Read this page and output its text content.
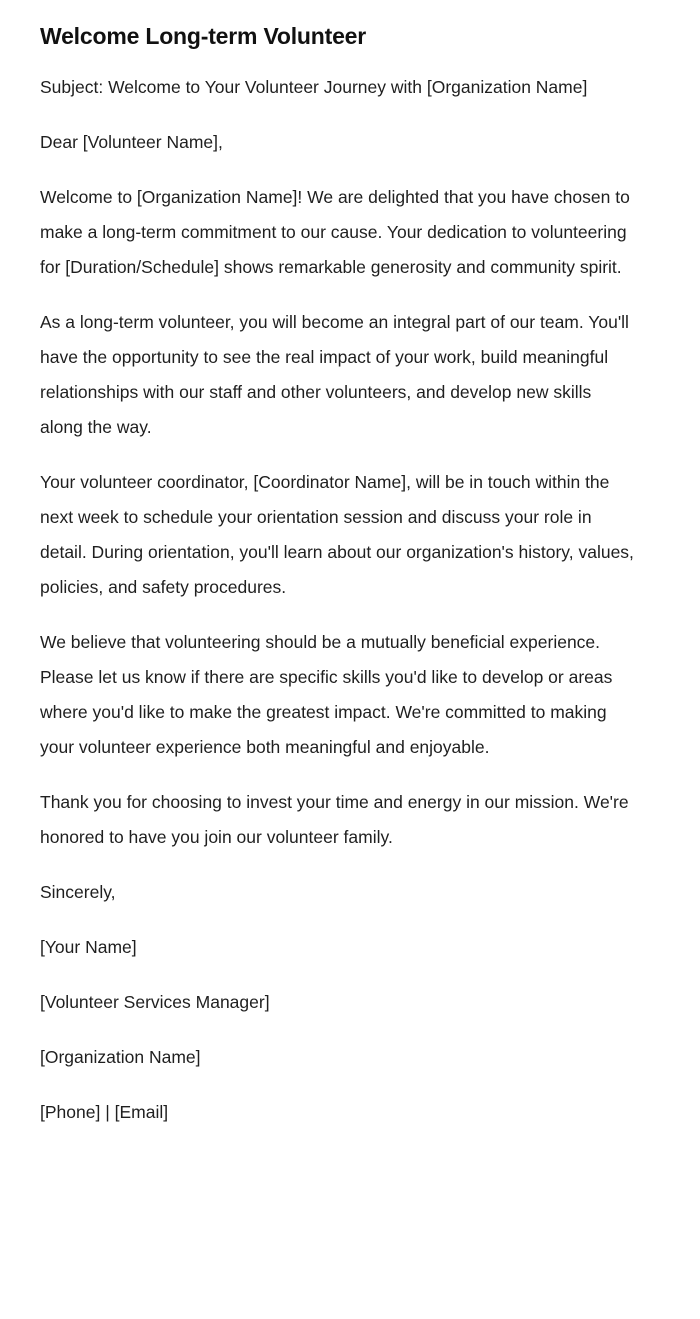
Welcome Long-term Volunteer

Subject: Welcome to Your Volunteer Journey with [Organization Name]

Dear [Volunteer Name],

Welcome to [Organization Name]! We are delighted that you have chosen to make a long-term commitment to our cause. Your dedication to volunteering for [Duration/Schedule] shows remarkable generosity and community spirit.

As a long-term volunteer, you will become an integral part of our team. You'll have the opportunity to see the real impact of your work, build meaningful relationships with our staff and other volunteers, and develop new skills along the way.

Your volunteer coordinator, [Coordinator Name], will be in touch within the next week to schedule your orientation session and discuss your role in detail. During orientation, you'll learn about our organization's history, values, policies, and safety procedures.

We believe that volunteering should be a mutually beneficial experience. Please let us know if there are specific skills you'd like to develop or areas where you'd like to make the greatest impact. We're committed to making your volunteer experience both meaningful and enjoyable.

Thank you for choosing to invest your time and energy in our mission. We're honored to have you join our volunteer family.

Sincerely,

[Your Name]

[Volunteer Services Manager]

[Organization Name]

[Phone] | [Email]
